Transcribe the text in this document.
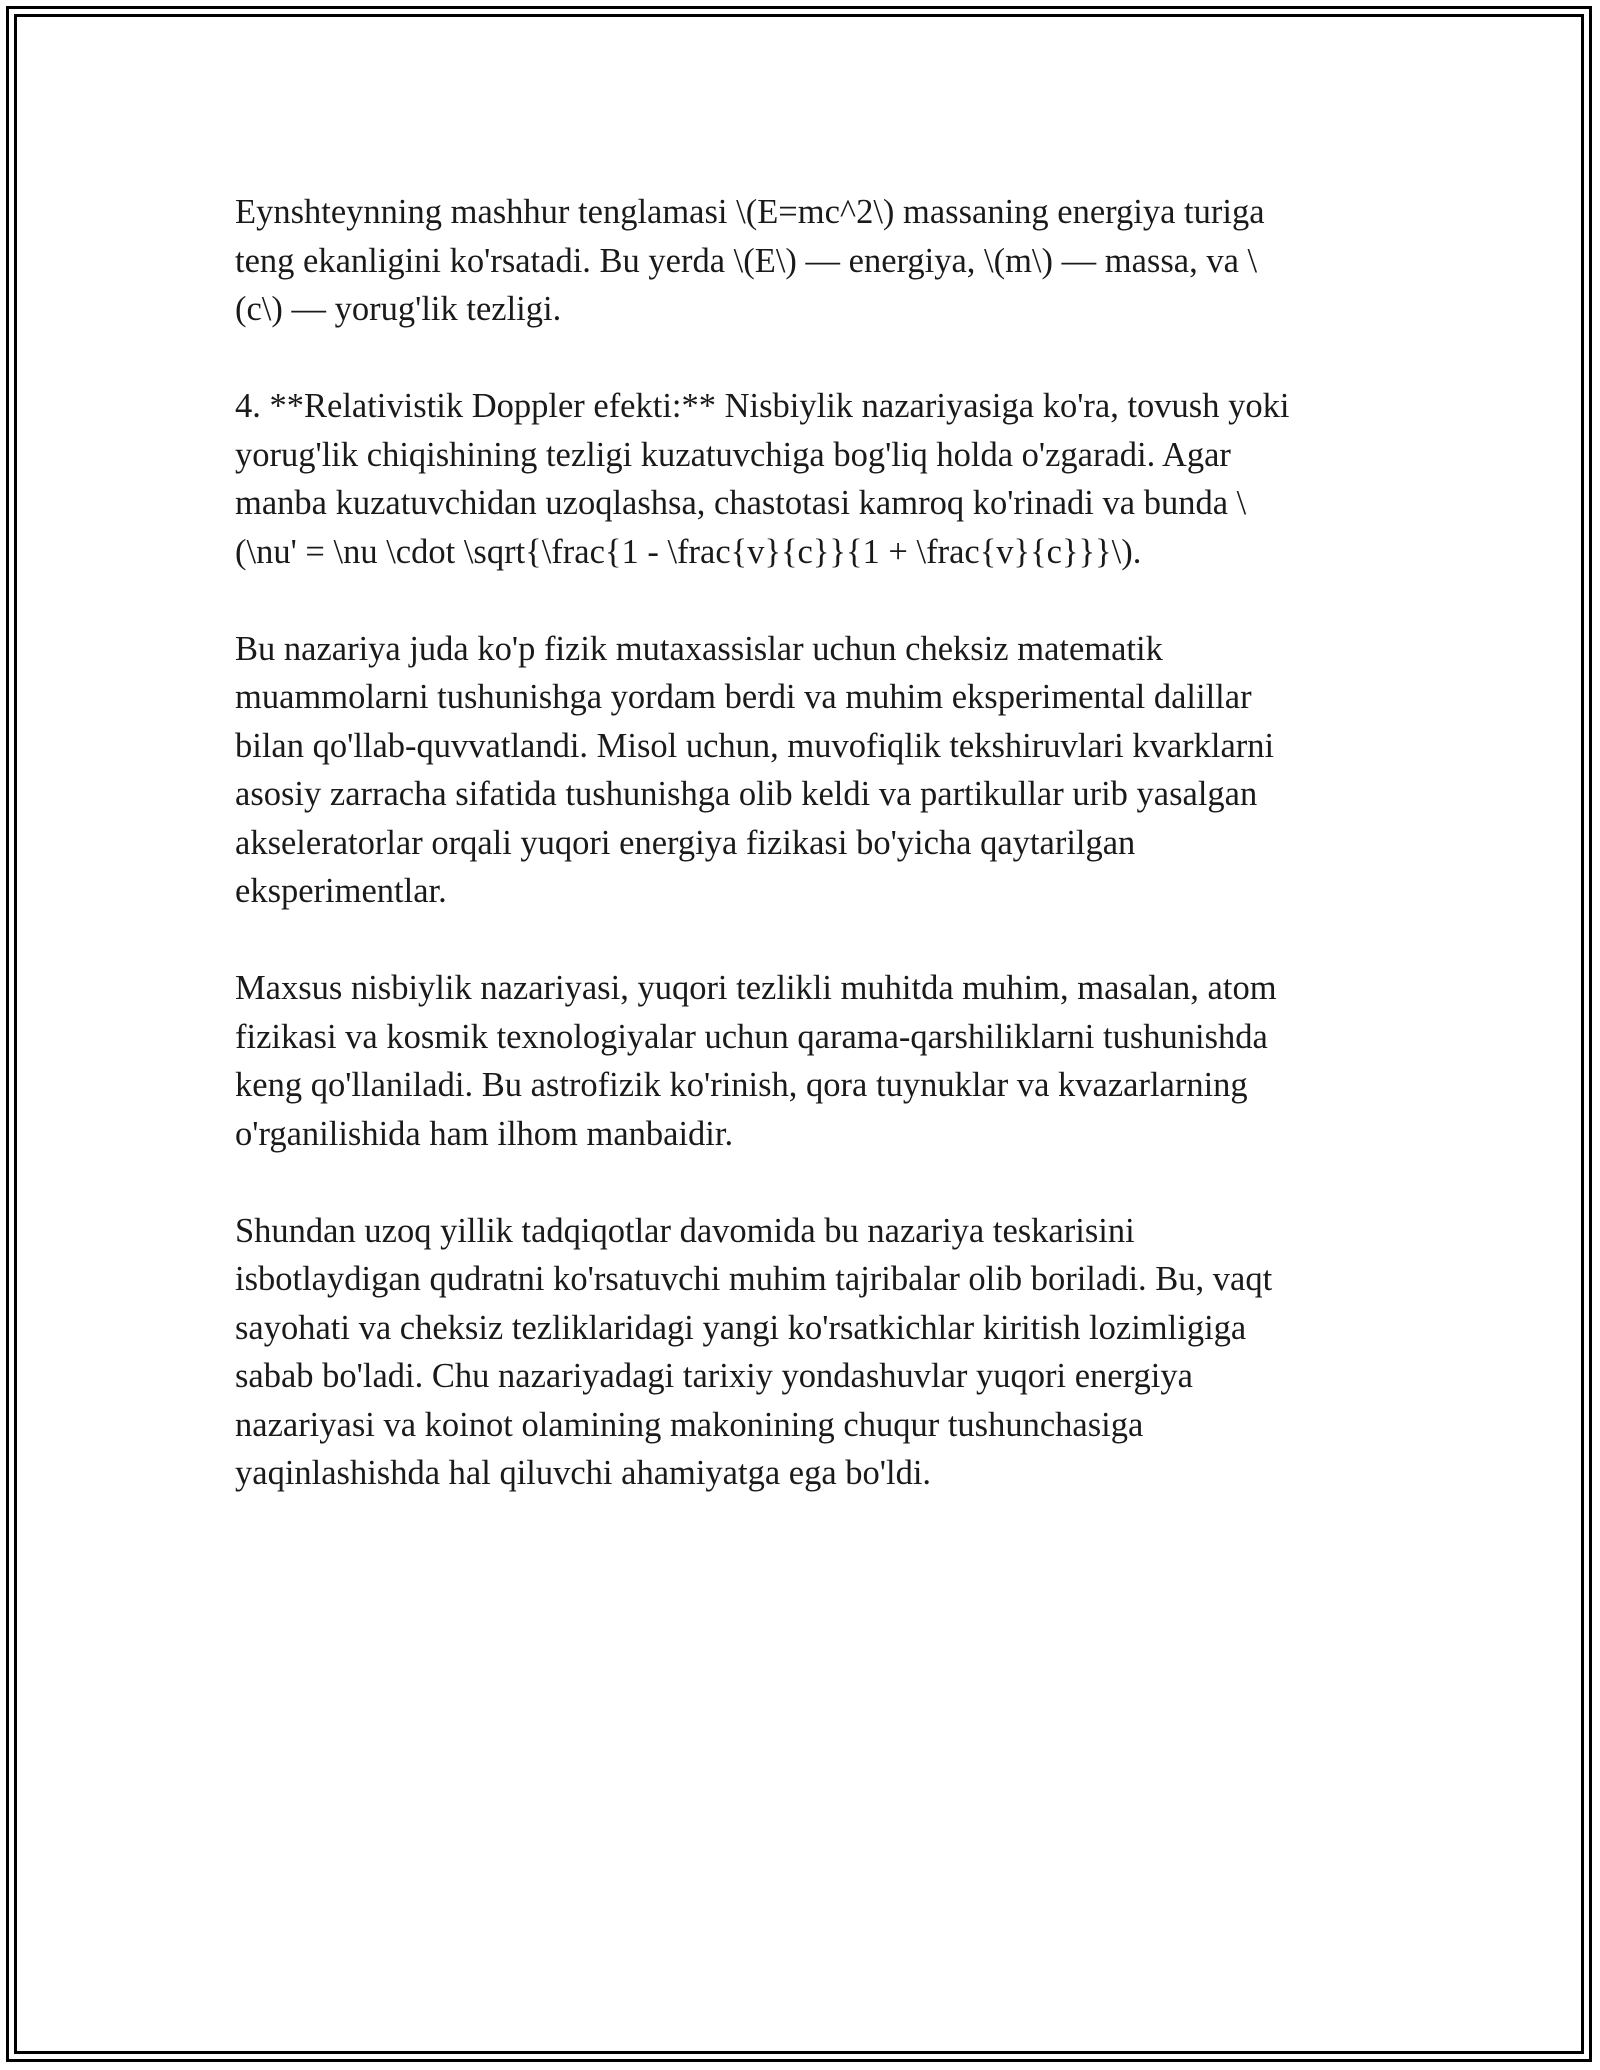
Eynshteynning mashhur tenglamasi \(E=mc^2\) massaning energiya turiga
teng ekanligini ko'rsatadi. Bu yerda \(E\) — energiya, \(m\) — massa, va \
(c\) — yorug'lik tezligi.

4. **Relativistik Doppler efekti:** Nisbiylik nazariyasiga ko'ra, tovush yoki
yorug'lik chiqishining tezligi kuzatuvchiga bog'liq holda o'zgaradi. Agar
manba kuzatuvchidan uzoqlashsa, chastotasi kamroq ko'rinadi va bunda \
(\nu' = \nu \cdot \sqrt{\frac{1 - \frac{v}{c}}{1 + \frac{v}{c}}}\).

Bu nazariya juda ko'p fizik mutaxassislar uchun cheksiz matematik
muammolarni tushunishga yordam berdi va muhim eksperimental dalillar
bilan qo'llab-quvvatlandi. Misol uchun, muvofiqlik tekshiruvlari kvarklarni
asosiy zarracha sifatida tushunishga olib keldi va partikullar urib yasalgan
akseleratorlar orqali yuqori energiya fizikasi bo'yicha qaytarilgan
eksperimentlar.

Maxsus nisbiylik nazariyasi, yuqori tezlikli muhitda muhim, masalan, atom
fizikasi va kosmik texnologiyalar uchun qarama-qarshiliklarni tushunishda
keng qo'llaniladi. Bu astrofizik ko'rinish, qora tuynuklar va kvazarlarning
o'rganilishida ham ilhom manbaidir.

Shundan uzoq yillik tadqiqotlar davomida bu nazariya teskarisini
isbotlaydigan qudratni ko'rsatuvchi muhim tajribalar olib boriladi. Bu, vaqt
sayohati va cheksiz tezliklaridagi yangi ko'rsatkichlar kiritish lozimligiga
sabab bo'ladi. Chu nazariyadagi tarixiy yondashuvlar yuqori energiya
nazariyasi va koinot olamining makonining chuqur tushunchasiga
yaqinlashishda hal qiluvchi ahamiyatga ega bo'ldi.
